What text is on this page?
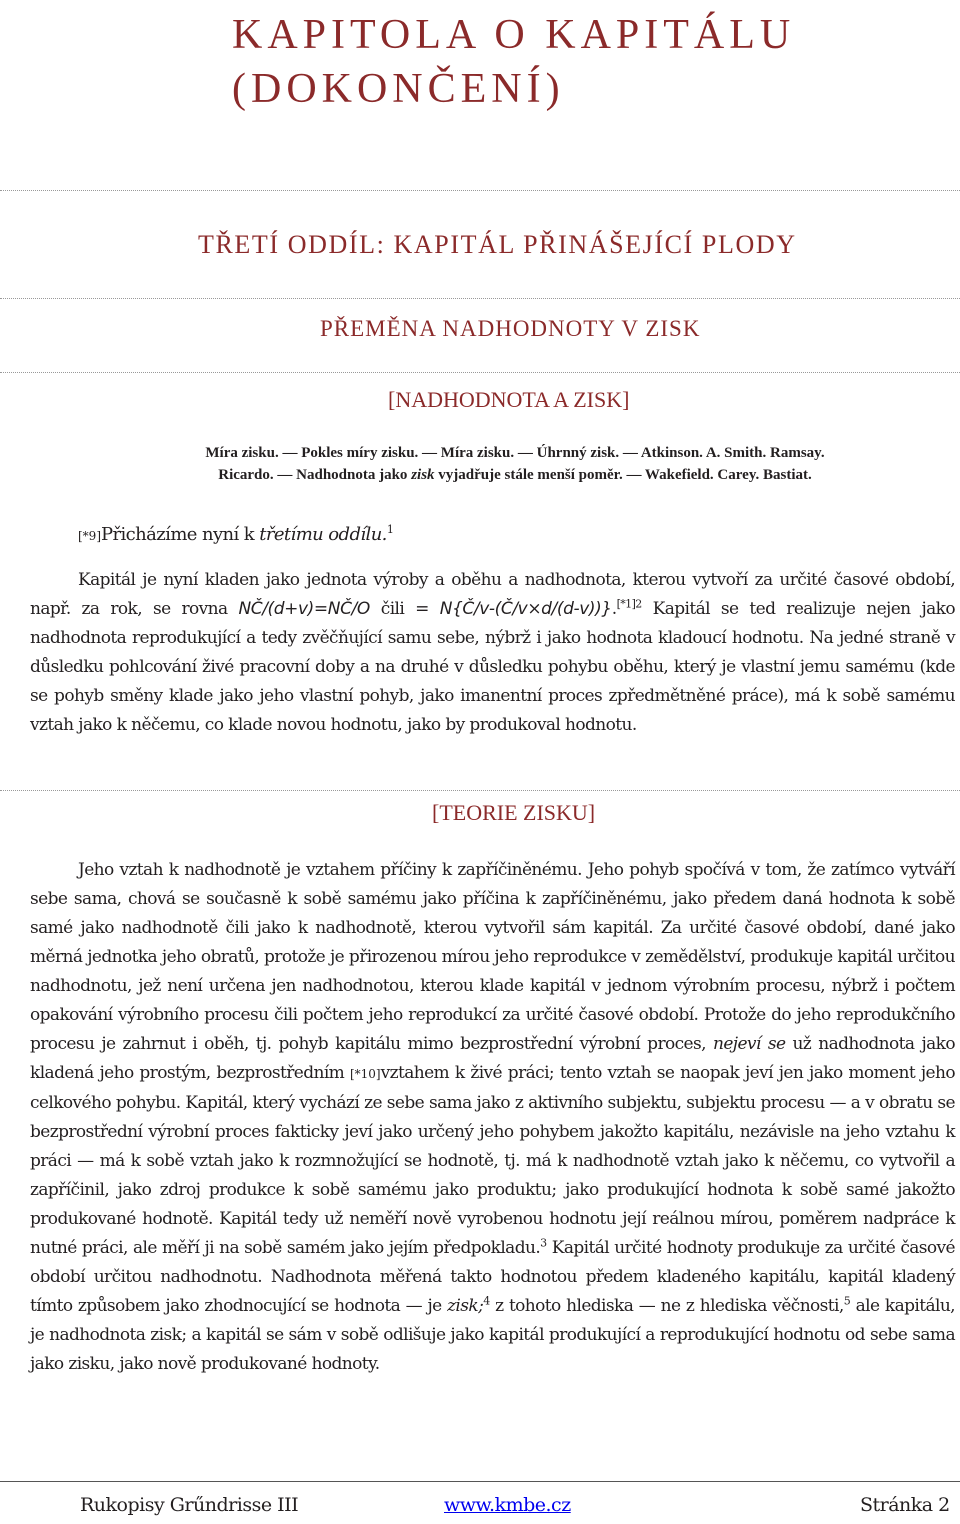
KAPITOLA O KAPITÁLU
(DOKONČENÍ)
TŘETÍ ODDÍL: KAPITÁL PŘINÁŠEJÍCÍ PLODY
PŘEMĚNA NADHODNOTY V ZISK
[NADHODNOTA A ZISK]

Míra zisku. — Pokles míry zisku. — Míra zisku. — Úhrnný zisk. — Atkinson. A. Smith. Ramsay.
Ricardo. — Nadhodnota jako zisk vyjadřuje stále menší poměr. — Wakefield. Carey. Bastiat.

[*9]Přicházíme nyní k třetímu oddílu.$^1$

Kapitál je nyní kladen jako jednota výroby a oběhu a nadhodnota, kterou vytvoří za určité časové období, např. za rok, se rovna NČ/(d+v)=NČ/O čili = N{Č/v-(Č/v×d/(d-v))}.$^{[*1]2}$ Kapitál se ted realizuje nejen jako nadhodnota reprodukující a tedy zvěčňující samu sebe, nýbrž i jako hodnota kladoucí hodnotu. Na jedné straně v důsledku pohlcování živé pracovní doby a na druhé v důsledku pohybu oběhu, který je vlastní jemu samému (kde se pohyb směny klade jako jeho vlastní pohyb, jako imanentní proces zpředmětněné práce), má k sobě samému vztah jako k něčemu, co klade novou hodnotu, jako by produkoval hodnotu.

[TEORIE ZISKU]

Jeho vztah k nadhodnotě je vztahem příčiny k zapříčiněnému. Jeho pohyb spočívá v tom, že zatímco vytváří sebe sama, chová se současně k sobě samému jako příčina k zapříčiněnému, jako předem daná hodnota k sobě samé jako nadhodnotě čili jako k nadhodnotě, kterou vytvořil sám kapitál. Za určité časové období, dané jako měrná jednotka jeho obratů, protože je přirozenou mírou jeho reprodukce v zemědělství, produkuje kapitál určitou nadhodnotu, jež není určena jen nadhodnotou, kterou klade kapitál v jednom výrobním procesu, nýbrž i počtem opakování výrobního procesu čili počtem jeho reprodukcí za určité časové období. Protože do jeho reprodukčního procesu je zahrnut i oběh, tj. pohyb kapitálu mimo bezprostřední výrobní proces, nejeví se už nadhodnota jako kladená jeho prostým, bezprostředním [*10]vztahem k živé práci; tento vztah se naopak jeví jen jako moment jeho celkového pohybu. Kapitál, který vychází ze sebe sama jako z aktivního subjektu, subjektu procesu — a v obratu se bezprostřední výrobní proces fakticky jeví jako určený jeho pohybem jakožto kapitálu, nezávisle na jeho vztahu k práci — má k sobě vztah jako k rozmnožující se hodnotě, tj. má k nadhodnotě vztah jako k něčemu, co vytvořil a zapříčinil, jako zdroj produkce k sobě samému jako produktu; jako produkující hodnota k sobě samé jakožto produkované hodnotě. Kapitál tedy už neměří nově vyrobenou hodnotu její reálnou mírou, poměrem nadpráce k nutné práci, ale měří ji na sobě samém jako jejím předpokladu.$^3$ Kapitál určité hodnoty produkuje za určité časové období určitou nadhodnotu. Nadhodnota měřená takto hodnotou předem kladeného kapitálu, kapitál kladený tímto způsobem jako zhodnocující se hodnota — je zisk;$^4$ z tohoto hlediska — ne z hlediska věčnosti,$^5$ ale kapitálu, je nadhodnota zisk; a kapitál se sám v sobě odlišuje jako kapitál produkující a reprodukující hodnotu od sebe sama jako zisku, jako nově produkované hodnoty.

Rukopisy Grűndrisse III	www.kmbe.cz	Stránka 2
